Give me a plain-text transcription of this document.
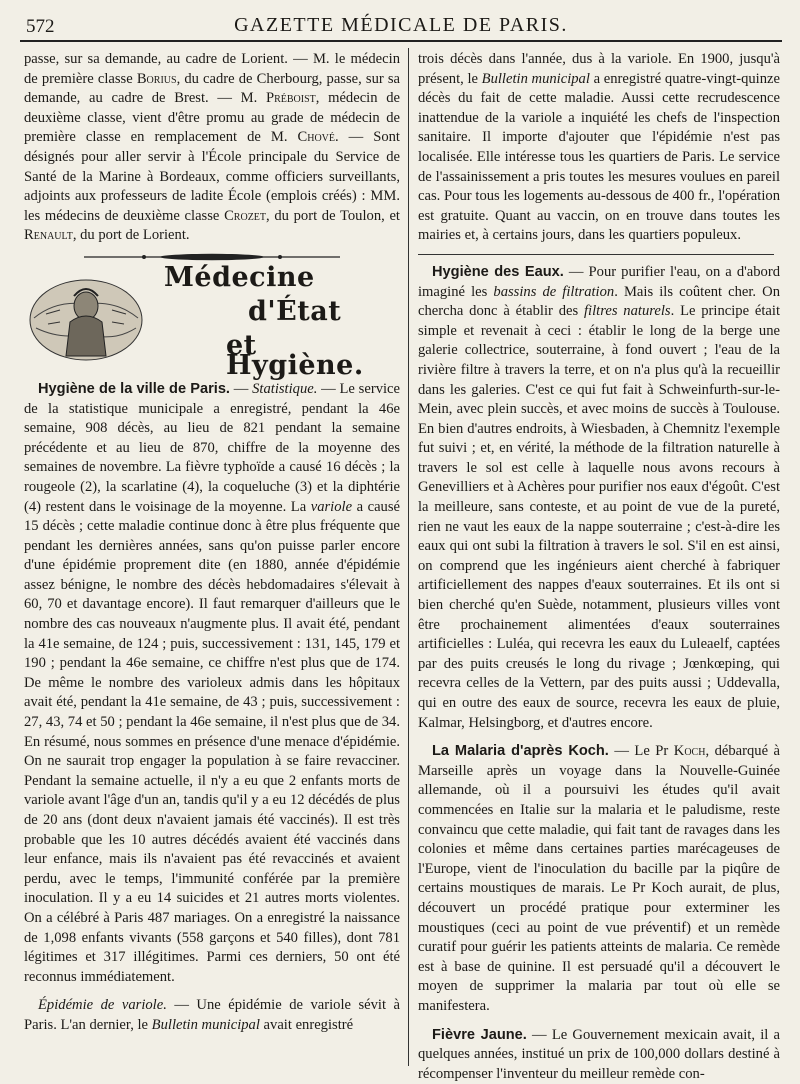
572	GAZETTE MÉDICALE DE PARIS.

passe, sur sa demande, au cadre de Lorient. — M. le médecin de première classe Borius, du cadre de Cherbourg, passe, sur sa demande, au cadre de Brest. — M. Préboist, médecin de deuxième classe, vient d'être promu au grade de médecin de première classe en remplacement de M. Chové. — Sont désignés pour aller servir à l'École principale du Service de Santé de la Marine à Bordeaux, comme officiers surveillants, adjoints aux professeurs de ladite École (emplois créés) : MM. les médecins de deuxième classe Crozet, du port de Toulon, et Renault, du port de Lorient.

Médecine
d'État
et Hygiène.

Hygiène de la ville de Paris. — Statistique. — Le service de la statistique municipale a enregistré, pendant la 46e semaine, 908 décès, au lieu de 821 pendant la semaine précédente et au lieu de 870, chiffre de la moyenne des semaines de novembre. La fièvre typhoïde a causé 16 décès ; la rougeole (2), la scarlatine (4), la coqueluche (3) et la diphtérie (4) restent dans le voisinage de la moyenne. La variole a causé 15 décès ; cette maladie continue donc à être plus fréquente que pendant les dernières années, sans qu'on puisse parler encore d'une épidémie proprement dite (en 1880, année d'épidémie assez bénigne, le nombre des décès hebdomadaires s'élevait à 60, 70 et davantage encore). Il faut remarquer d'ailleurs que le nombre des cas nouveaux n'augmente plus. Il avait été, pendant la 41e semaine, de 124 ; puis, successivement : 131, 145, 179 et 190 ; pendant la 46e semaine, ce chiffre n'est plus que de 174. De même le nombre des varioleux admis dans les hôpitaux avait été, pendant la 41e semaine, de 43 ; puis, successivement : 27, 43, 74 et 50 ; pendant la 46e semaine, il n'est plus que de 34. En résumé, nous sommes en présence d'une menace d'épidémie. On ne saurait trop engager la population à se faire revacciner. Pendant la semaine actuelle, il n'y a eu que 2 enfants morts de variole avant l'âge d'un an, tandis qu'il y a eu 12 décédés de plus de 20 ans (dont deux n'avaient jamais été vaccinés). Il est très probable que les 10 autres décédés avaient été vaccinés dans leur enfance, mais ils n'avaient pas été revaccinés et avaient perdu, avec le temps, l'immunité conférée par la première inoculation. Il y a eu 14 suicides et 21 autres morts violentes. On a célébré à Paris 487 mariages. On a enregistré la naissance de 1,098 enfants vivants (558 garçons et 540 filles), dont 781 légitimes et 317 illégitimes. Parmi ces derniers, 50 ont été reconnus immédiatement.

Épidémie de variole. — Une épidémie de variole sévit à Paris. L'an dernier, le Bulletin municipal avait enregistré

trois décès dans l'année, dus à la variole. En 1900, jusqu'à présent, le Bulletin municipal a enregistré quatre-vingt-quinze décès du fait de cette maladie. Aussi cette recrudescence inattendue de la variole a inquiété les chefs de l'inspection sanitaire. Il importe d'ajouter que l'épidémie n'est pas localisée. Elle intéresse tous les quartiers de Paris. Le service de l'assainissement a pris toutes les mesures voulues en pareil cas. Pour tous les logements au-dessous de 400 fr., l'opération est gratuite. Quant au vaccin, on en trouve dans toutes les mairies et, à certains jours, dans les quartiers populeux.

Hygiène des Eaux. — Pour purifier l'eau, on a d'abord imaginé les bassins de filtration. Mais ils coûtent cher. On chercha donc à établir des filtres naturels. Le principe était simple et revenait à ceci : établir le long de la berge une galerie collectrice, souterraine, à fond ouvert ; l'eau de la rivière filtre à travers la terre, et on n'a plus qu'à la recueillir dans les galeries. C'est ce qui fut fait à Schweinfurth-sur-le-Mein, avec plein succès, et avec moins de succès à Toulouse. En bien d'autres endroits, à Wiesbaden, à Chemnitz l'exemple fut suivi ; et, en vérité, la méthode de la filtration naturelle à travers le sol est celle à laquelle nous avons recours à Genevilliers et à Achères pour purifier nos eaux d'égoût. C'est la meilleure, sans conteste, et au point de vue de la pureté, rien ne vaut les eaux de la nappe souterraine ; c'est-à-dire les eaux qui ont subi la filtration à travers le sol. S'il en est ainsi, on comprend que les ingénieurs aient cherché à fabriquer artificiellement des nappes d'eaux souterraines. Et ils ont si bien cherché qu'en Suède, notamment, plusieurs villes vont être prochainement alimentées d'eaux souterraines artificielles : Luléa, qui recevra les eaux du Luleaelf, captées par des puits creusés le long du rivage ; Jœnkœping, qui recevra celles de la Vettern, par des puits aussi ; Uddevalla, qui en outre des eaux de source, recevra les eaux de pluie, Kalmar, Helsingborg, et d'autres encore.

La Malaria d'après Koch. — Le Pr Koch, débarqué à Marseille après un voyage dans la Nouvelle-Guinée allemande, où il a poursuivi les études qu'il avait commencées en Italie sur la malaria et le paludisme, reste convaincu que cette maladie, qui fait tant de ravages dans les colonies et même dans certaines parties marécageuses de l'Europe, vient de l'inoculation du bacille par la piqûre de certains moustiques de marais. Le Pr Koch aurait, de plus, découvert un procédé pratique pour exterminer les moustiques (ceci au point de vue préventif) et un remède curatif pour guérir les patients atteints de malaria. Ce remède est à base de quinine. Il est persuadé qu'il a découvert le moyen de supprimer la malaria par tout où elle se manifestera.

Fièvre Jaune. — Le Gouvernement mexicain avait, il a quelques années, institué un prix de 100,000 dollars destiné à récompenser l'inventeur du meilleur remède con-
